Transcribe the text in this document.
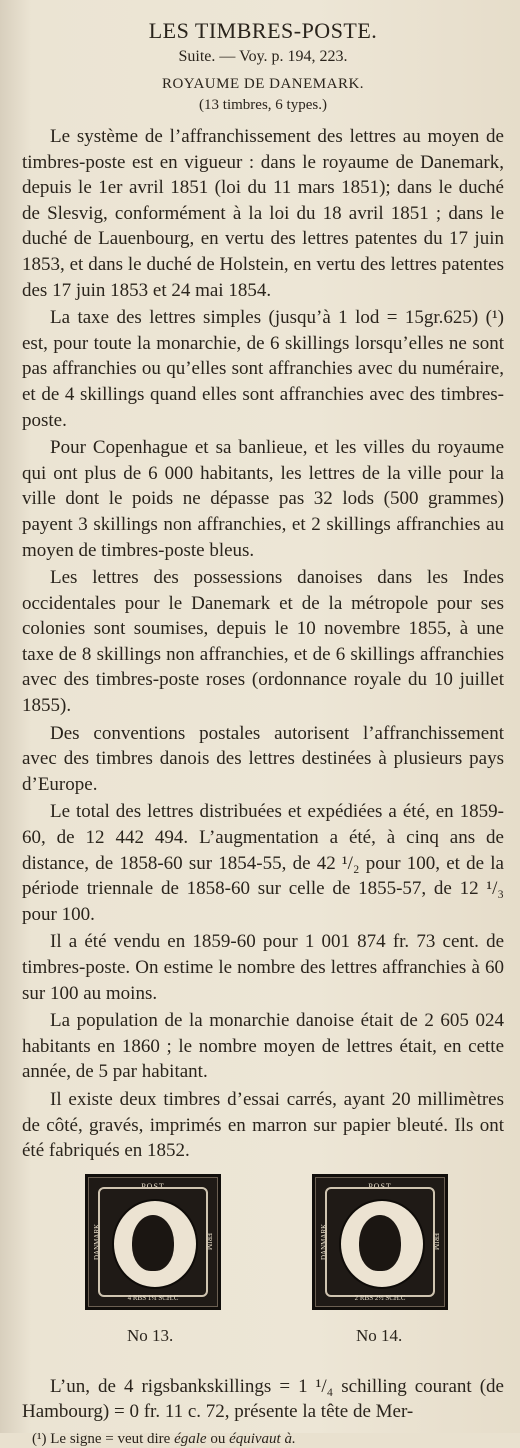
LES TIMBRES-POSTE.
Suite. — Voy. p. 194, 223.
ROYAUME DE DANEMARK.
(13 timbres, 6 types.)

Le système de l’affranchissement des lettres au moyen de timbres-poste est en vigueur : dans le royaume de Danemark, depuis le 1er avril 1851 (loi du 11 mars 1851); dans le duché de Slesvig, conformément à la loi du 18 avril 1851 ; dans le duché de Lauenbourg, en vertu des lettres patentes du 17 juin 1853, et dans le duché de Holstein, en vertu des lettres patentes des 17 juin 1853 et 24 mai 1854.

La taxe des lettres simples (jusqu’à 1 lod = 15gr.625) (¹) est, pour toute la monarchie, de 6 skillings lorsqu’elles ne sont pas affranchies ou qu’elles sont affranchies avec du numéraire, et de 4 skillings quand elles sont affranchies avec des timbres-poste.

Pour Copenhague et sa banlieue, et les villes du royaume qui ont plus de 6 000 habitants, les lettres de la ville pour la ville dont le poids ne dépasse pas 32 lods (500 grammes) payent 3 skillings non affranchies, et 2 skillings affranchies au moyen de timbres-poste bleus.

Les lettres des possessions danoises dans les Indes occidentales pour le Danemark et de la métropole pour ses colonies sont soumises, depuis le 10 novembre 1855, à une taxe de 8 skillings non affranchies, et de 6 skillings affranchies avec des timbres-poste roses (ordonnance royale du 10 juillet 1855).

Des conventions postales autorisent l’affranchissement avec des timbres danois des lettres destinées à plusieurs pays d’Europe.

Le total des lettres distribuées et expédiées a été, en 1859-60, de 12 442 494. L’augmentation a été, à cinq ans de distance, de 1858-60 sur 1854-55, de 42 ¹/₂ pour 100, et de la période triennale de 1858-60 sur celle de 1855-57, de 12 ¹/₃ pour 100.

Il a été vendu en 1859-60 pour 1 001 874 fr. 73 cent. de timbres-poste. On estime le nombre des lettres affranchies à 60 sur 100 au moins.

La population de la monarchie danoise était de 2 605 024 habitants en 1860 ; le nombre moyen de lettres était, en cette année, de 5 par habitant.

Il existe deux timbres d’essai carrés, ayant 20 millimètres de côté, gravés, imprimés en marron sur papier bleuté. Ils ont été fabriqués en 1852.

POST
DANMARK	FRIM
4 RBS 1¼ SCH.C
POST
DANMARK	FRIM
2 RBS 2½ SCH.C
No 13.	No 14.

L’un, de 4 rigsbankskillings = 1 ¹/₄ schilling courant (de Hambourg) = 0 fr. 11 c. 72, présente la tête de Mer-

(¹) Le signe = veut dire égale ou équivaut à.
